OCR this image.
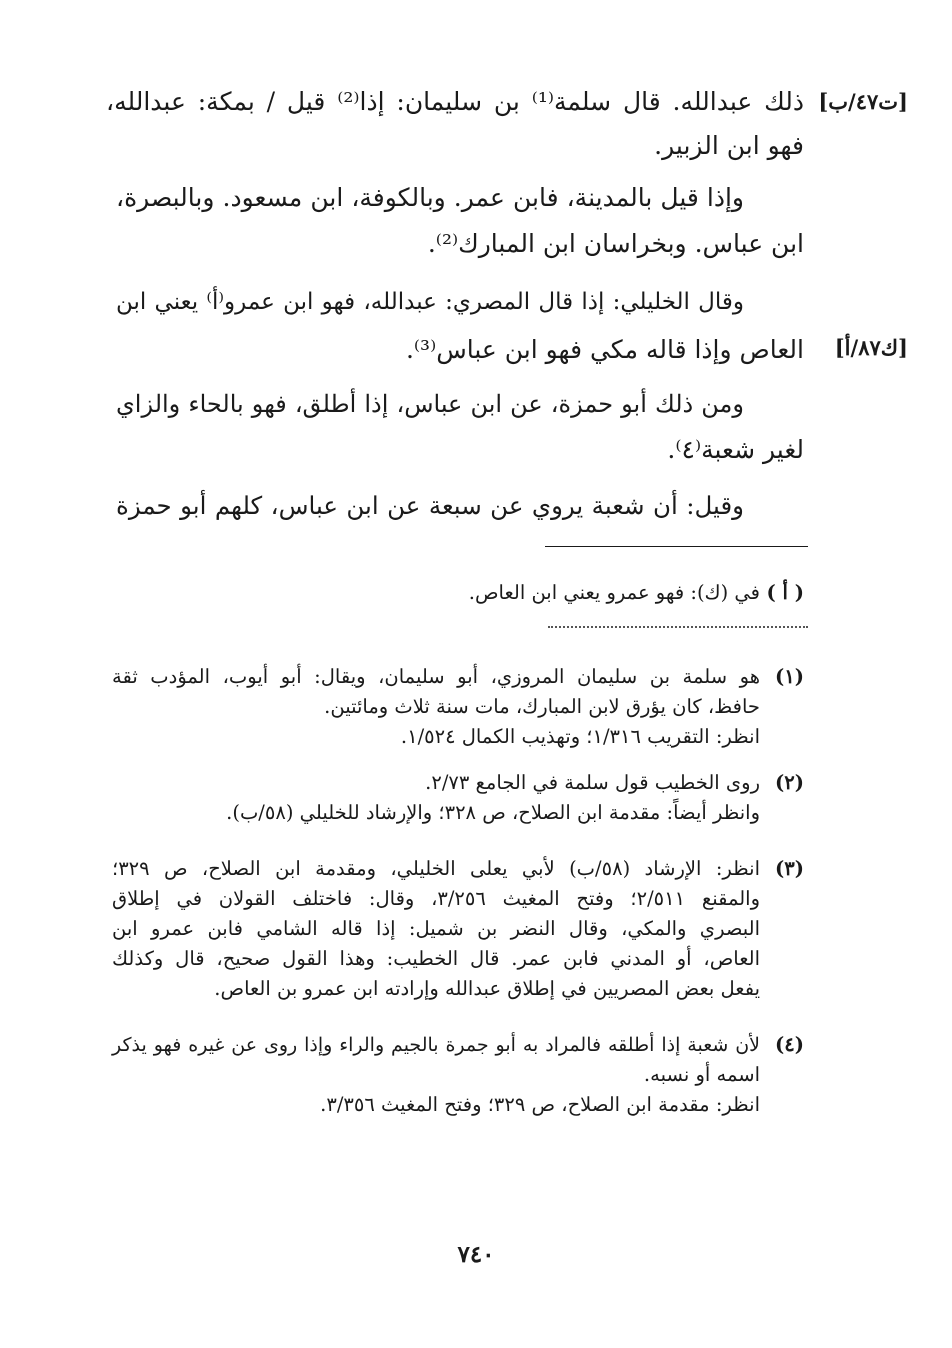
[ت٤٧/ب]
[ك٨٧/أ]
ذلك عبدالله. قال سلمة⁽¹⁾ بن سليمان: إذا⁽²⁾ قيل / بمكة: عبدالله،
فهو ابن الزبير.
وإذا قيل بالمدينة، فابن عمر. وبالكوفة، ابن مسعود. وبالبصرة،
ابن عباس. وبخراسان ابن المبارك⁽²⁾.
وقال الخليلي: إذا قال المصري: عبدالله، فهو ابن عمرو⁽أ⁾ يعني ابن
العاص وإذا قاله مكي فهو ابن عباس⁽³⁾.
ومن ذلك أبو حمزة، عن ابن عباس، إذا أطلق، فهو بالحاء والزاي
لغير شعبة⁽٤⁾.
وقيل: أن شعبة يروي عن سبعة عن ابن عباس، كلهم أبو حمزة
( أ )
في (ك): فهو عمرو يعني ابن العاص.
(١)
هو سلمة بن سليمان المروزي، أبو سليمان، ويقال: أبو أيوب، المؤدب ثقة
حافظ، كان يؤرق لابن المبارك، مات سنة ثلاث ومائتين.
انظر: التقريب ١/٣١٦؛ وتهذيب الكمال ١/٥٢٤.
(٢)
روى الخطيب قول سلمة في الجامع ٢/٧٣.
وانظر أيضاً: مقدمة ابن الصلاح، ص ٣٢٨؛ والإرشاد للخليلي (٥٨/ب).
(٣)
انظر: الإرشاد (٥٨/ب) لأبي يعلى الخليلي، ومقدمة ابن الصلاح، ص ٣٢٩؛
والمقنع ٢/٥١١؛ وفتح المغيث ٣/٢٥٦، وقال: فاختلف القولان في إطلاق
البصري والمكي، وقال النضر بن شميل: إذا قاله الشامي فابن عمرو ابن
العاص، أو المدني فابن عمر. قال الخطيب: وهذا القول صحيح، قال وكذلك
يفعل بعض المصريين في إطلاق عبدالله وإرادته ابن عمرو بن العاص.
(٤)
لأن شعبة إذا أطلقه فالمراد به أبو جمرة بالجيم والراء وإذا روى عن غيره فهو يذكر
اسمه أو نسبه.
انظر: مقدمة ابن الصلاح، ص ٣٢٩؛ وفتح المغيث ٣/٣٥٦.
٧٤٠
